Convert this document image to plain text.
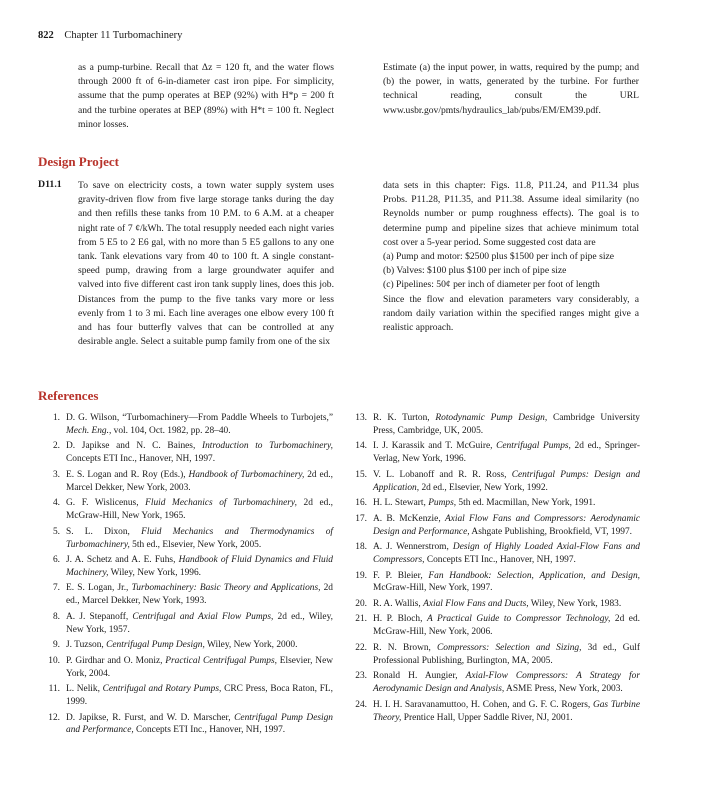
822 Chapter 11 Turbomachinery
as a pump-turbine. Recall that Δz = 120 ft, and the water flows through 2000 ft of 6-in-diameter cast iron pipe. For simplicity, assume that the pump operates at BEP (92%) with H*p = 200 ft and the turbine operates at BEP (89%) with H*t = 100 ft. Neglect minor losses.
Estimate (a) the input power, in watts, required by the pump; and (b) the power, in watts, generated by the turbine. For further technical reading, consult the URL www.usbr.gov/pmts/hydraulics_lab/pubs/EM/EM39.pdf.
Design Project
D11.1 To save on electricity costs, a town water supply system uses gravity-driven flow from five large storage tanks during the day and then refills these tanks from 10 P.M. to 6 A.M. at a cheaper night rate of 7 ¢/kWh. The total resupply needed each night varies from 5 E5 to 2 E6 gal, with no more than 5 E5 gallons to any one tank. Tank elevations vary from 40 to 100 ft. A single constant-speed pump, drawing from a large groundwater aquifer and valved into five different cast iron tank supply lines, does this job. Distances from the pump to the five tanks vary more or less evenly from 1 to 3 mi. Each line averages one elbow every 100 ft and has four butterfly valves that can be controlled at any desirable angle. Select a suitable pump family from one of the six
data sets in this chapter: Figs. 11.8, P11.24, and P11.34 plus Probs. P11.28, P11.35, and P11.38. Assume ideal similarity (no Reynolds number or pump roughness effects). The goal is to determine pump and pipeline sizes that achieve minimum total cost over a 5-year period. Some suggested cost data are
(a) Pump and motor: $2500 plus $1500 per inch of pipe size
(b) Valves: $100 plus $100 per inch of pipe size
(c) Pipelines: 50¢ per inch of diameter per foot of length
Since the flow and elevation parameters vary considerably, a random daily variation within the specified ranges might give a realistic approach.
References
1. D. G. Wilson, “Turbomachinery—From Paddle Wheels to Turbojets,” Mech. Eng., vol. 104, Oct. 1982, pp. 28–40.
2. D. Japikse and N. C. Baines, Introduction to Turbomachinery, Concepts ETI Inc., Hanover, NH, 1997.
3. E. S. Logan and R. Roy (Eds.), Handbook of Turbomachinery, 2d ed., Marcel Dekker, New York, 2003.
4. G. F. Wislicenus, Fluid Mechanics of Turbomachinery, 2d ed., McGraw-Hill, New York, 1965.
5. S. L. Dixon, Fluid Mechanics and Thermodynamics of Turbomachinery, 5th ed., Elsevier, New York, 2005.
6. J. A. Schetz and A. E. Fuhs, Handbook of Fluid Dynamics and Fluid Machinery, Wiley, New York, 1996.
7. E. S. Logan, Jr., Turbomachinery: Basic Theory and Applications, 2d ed., Marcel Dekker, New York, 1993.
8. A. J. Stepanoff, Centrifugal and Axial Flow Pumps, 2d ed., Wiley, New York, 1957.
9. J. Tuzson, Centrifugal Pump Design, Wiley, New York, 2000.
10. P. Girdhar and O. Moniz, Practical Centrifugal Pumps, Elsevier, New York, 2004.
11. L. Nelik, Centrifugal and Rotary Pumps, CRC Press, Boca Raton, FL, 1999.
12. D. Japikse, R. Furst, and W. D. Marscher, Centrifugal Pump Design and Performance, Concepts ETI Inc., Hanover, NH, 1997.
13. R. K. Turton, Rotodynamic Pump Design, Cambridge University Press, Cambridge, UK, 2005.
14. I. J. Karassik and T. McGuire, Centrifugal Pumps, 2d ed., Springer-Verlag, New York, 1996.
15. V. L. Lobanoff and R. R. Ross, Centrifugal Pumps: Design and Application, 2d ed., Elsevier, New York, 1992.
16. H. L. Stewart, Pumps, 5th ed. Macmillan, New York, 1991.
17. A. B. McKenzie, Axial Flow Fans and Compressors: Aerodynamic Design and Performance, Ashgate Publishing, Brookfield, VT, 1997.
18. A. J. Wennerstrom, Design of Highly Loaded Axial-Flow Fans and Compressors, Concepts ETI Inc., Hanover, NH, 1997.
19. F. P. Bleier, Fan Handbook: Selection, Application, and Design, McGraw-Hill, New York, 1997.
20. R. A. Wallis, Axial Flow Fans and Ducts, Wiley, New York, 1983.
21. H. P. Bloch, A Practical Guide to Compressor Technology, 2d ed. McGraw-Hill, New York, 2006.
22. R. N. Brown, Compressors: Selection and Sizing, 3d ed., Gulf Professional Publishing, Burlington, MA, 2005.
23. Ronald H. Aungier, Axial-Flow Compressors: A Strategy for Aerodynamic Design and Analysis, ASME Press, New York, 2003.
24. H. I. H. Saravanamuttoo, H. Cohen, and G. F. C. Rogers, Gas Turbine Theory, Prentice Hall, Upper Saddle River, NJ, 2001.
